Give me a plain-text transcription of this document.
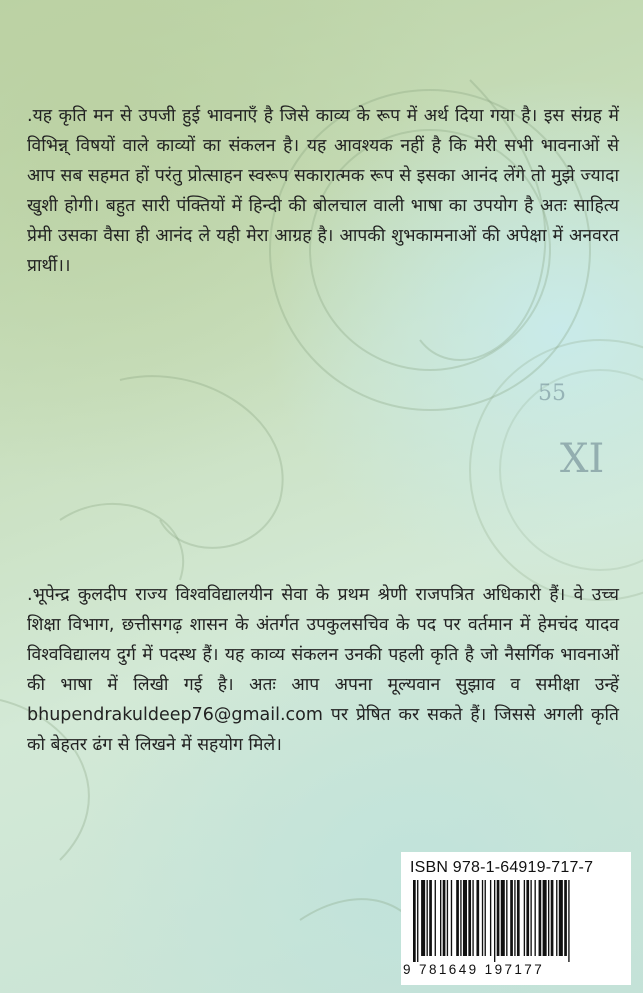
55
XI

.यह कृति मन से उपजी हुई भावनाएँ है जिसे काव्य के रूप में अर्थ दिया गया है। इस संग्रह में विभिन्न् विषयों वाले काव्यों का संकलन है। यह आवश्यक नहीं है कि मेरी सभी भावनाओं से आप सब सहमत हों परंतु प्रोत्साहन स्वरूप सकारात्मक रूप से इसका आनंद लेंगे तो मुझे ज्यादा खुशी होगी। बहुत सारी पंक्तियों में हिन्दी की बोलचाल वाली भाषा का उपयोग है अतः साहित्य प्रेमी उसका वैसा ही आनंद ले यही मेरा आग्रह है। आपकी शुभकामनाओं की अपेक्षा में अनवरत प्रार्थी।।

.भूपेन्द्र कुलदीप राज्य विश्वविद्यालयीन सेवा के प्रथम श्रेणी राजपत्रित अधिकारी हैं। वे उच्च शिक्षा विभाग, छत्तीसगढ़ शासन के अंतर्गत उपकुलसचिव के पद पर वर्तमान में हेमचंद यादव विश्वविद्यालय दुर्ग में पदस्थ हैं। यह काव्य संकलन उनकी पहली कृति है जो नैसर्गिक भावनाओं की भाषा में लिखी गई है। अतः आप अपना मूल्यवान सुझाव व समीक्षा उन्हें bhupendrakuldeep76@gmail.com पर प्रेषित कर सकते हैं। जिससे अगली कृति को बेहतर ढंग से लिखने में सहयोग मिले।

ISBN 978-1-64919-717-7
9 781649 197177
